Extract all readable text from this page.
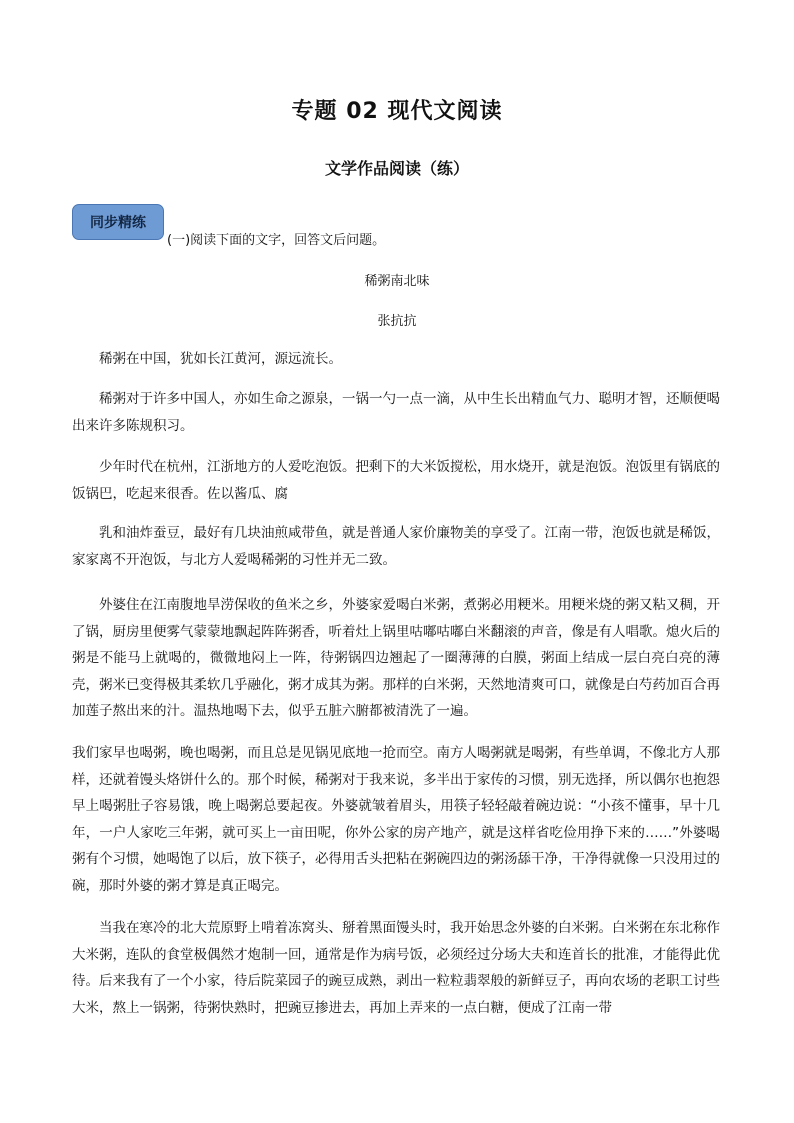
专题 02 现代文阅读
文学作品阅读（练）
同步精练
(一)阅读下面的文字，回答文后问题。
稀粥南北味
张抗抗

稀粥在中国，犹如长江黄河，源远流长。

稀粥对于许多中国人，亦如生命之源泉，一锅一勺一点一滴，从中生长出精血气力、聪明才智，还顺便喝出来许多陈规积习。

少年时代在杭州，江浙地方的人爱吃泡饭。把剩下的大米饭搅松，用水烧开，就是泡饭。泡饭里有锅底的饭锅巴，吃起来很香。佐以酱瓜、腐

乳和油炸蚕豆，最好有几块油煎咸带鱼，就是普通人家价廉物美的享受了。江南一带，泡饭也就是稀饭，家家离不开泡饭，与北方人爱喝稀粥的习性并无二致。

外婆住在江南腹地旱涝保收的鱼米之乡，外婆家爱喝白米粥，煮粥必用粳米。用粳米烧的粥又粘又稠，开了锅，厨房里便雾气蒙蒙地飘起阵阵粥香，听着灶上锅里咕嘟咕嘟白米翻滚的声音，像是有人唱歌。熄火后的粥是不能马上就喝的，微微地闷上一阵，待粥锅四边翘起了一圈薄薄的白膜，粥面上结成一层白亮白亮的薄壳，粥米已变得极其柔软几乎融化，粥才成其为粥。那样的白米粥，天然地清爽可口，就像是白芍药加百合再加莲子熬出来的汁。温热地喝下去，似乎五脏六腑都被清洗了一遍。

我们家早也喝粥，晚也喝粥，而且总是见锅见底地一抢而空。南方人喝粥就是喝粥，有些单调，不像北方人那样，还就着馒头烙饼什么的。那个时候，稀粥对于我来说，多半出于家传的习惯，别无选择，所以偶尔也抱怨早上喝粥肚子容易饿，晚上喝粥总要起夜。外婆就皱着眉头，用筷子轻轻敲着碗边说：“小孩不懂事，早十几年，一户人家吃三年粥，就可买上一亩田呢，你外公家的房产地产，就是这样省吃俭用挣下来的……”外婆喝粥有个习惯，她喝饱了以后，放下筷子，必得用舌头把粘在粥碗四边的粥汤舔干净，干净得就像一只没用过的碗，那时外婆的粥才算是真正喝完。

当我在寒冷的北大荒原野上啃着冻窝头、掰着黑面馒头时，我开始思念外婆的白米粥。白米粥在东北称作大米粥，连队的食堂极偶然才炮制一回，通常是作为病号饭，必须经过分场大夫和连首长的批准，才能得此优待。后来我有了一个小家，待后院菜园子的豌豆成熟，剥出一粒粒翡翠般的新鲜豆子，再向农场的老职工讨些大米，熬上一锅粥，待粥快熟时，把豌豆掺进去，再加上弄来的一点白糖，便成了江南一带
